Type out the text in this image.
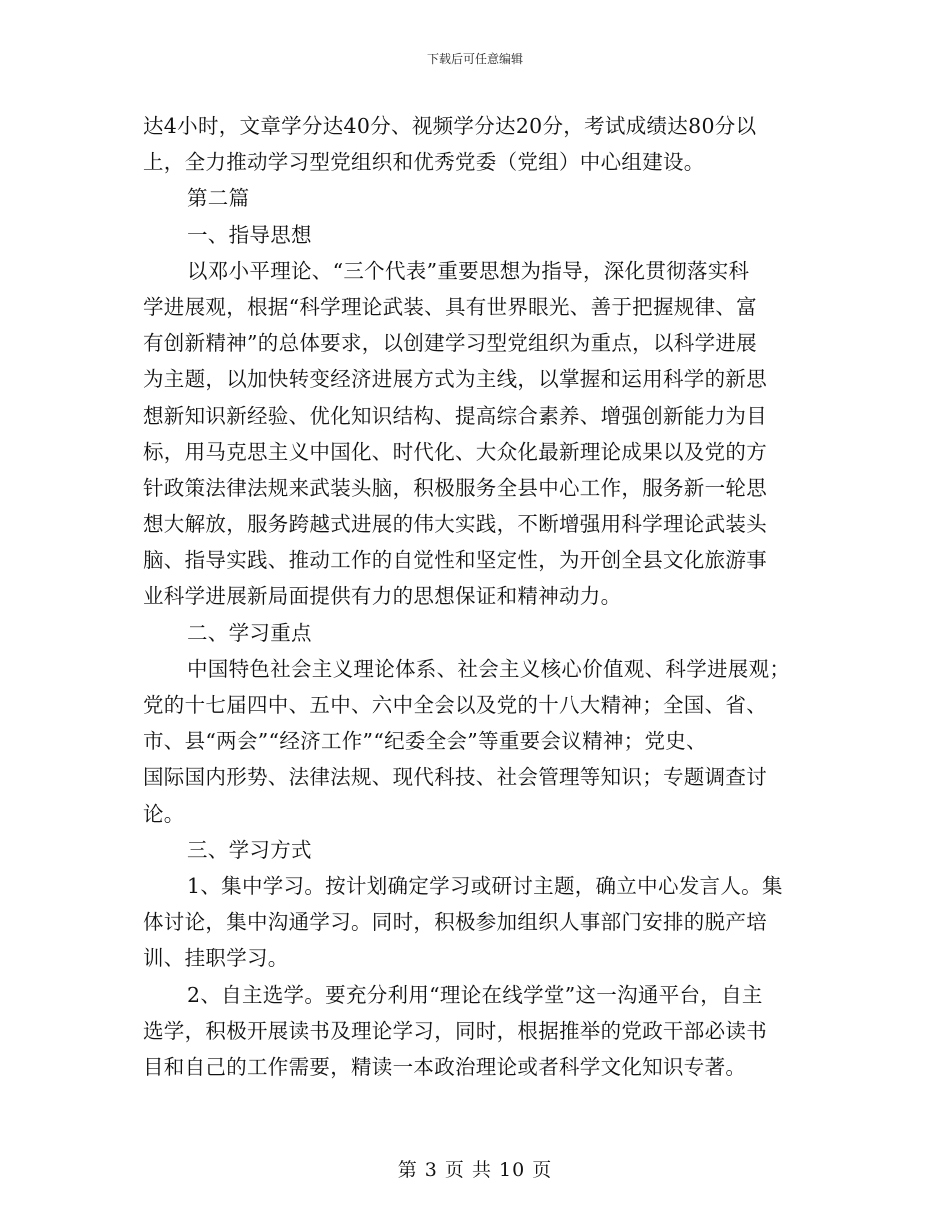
下载后可任意编辑
达4小时，文章学分达40分、视频学分达20分，考试成绩达80分以
上，全力推动学习型党组织和优秀党委（党组）中心组建设。
第二篇
一、指导思想
以邓小平理论、“三个代表”重要思想为指导，深化贯彻落实科
学进展观，根据“科学理论武装、具有世界眼光、善于把握规律、富
有创新精神”的总体要求，以创建学习型党组织为重点，以科学进展
为主题，以加快转变经济进展方式为主线，以掌握和运用科学的新思
想新知识新经验、优化知识结构、提高综合素养、增强创新能力为目
标，用马克思主义中国化、时代化、大众化最新理论成果以及党的方
针政策法律法规来武装头脑，积极服务全县中心工作，服务新一轮思
想大解放，服务跨越式进展的伟大实践，不断增强用科学理论武装头
脑、指导实践、推动工作的自觉性和坚定性，为开创全县文化旅游事
业科学进展新局面提供有力的思想保证和精神动力。
二、学习重点
中国特色社会主义理论体系、社会主义核心价值观、科学进展观；
党的十七届四中、五中、六中全会以及党的十八大精神；全国、省、
市、县“两会”“经济工作”“纪委全会”等重要会议精神；党史、
国际国内形势、法律法规、现代科技、社会管理等知识；专题调查讨
论。
三、学习方式
1、集中学习。按计划确定学习或研讨主题，确立中心发言人。集
体讨论，集中沟通学习。同时，积极参加组织人事部门安排的脱产培
训、挂职学习。
2、自主选学。要充分利用“理论在线学堂”这一沟通平台，自主
选学，积极开展读书及理论学习，同时，根据推举的党政干部必读书
目和自己的工作需要，精读一本政治理论或者科学文化知识专著。
第 3 页 共 10 页
